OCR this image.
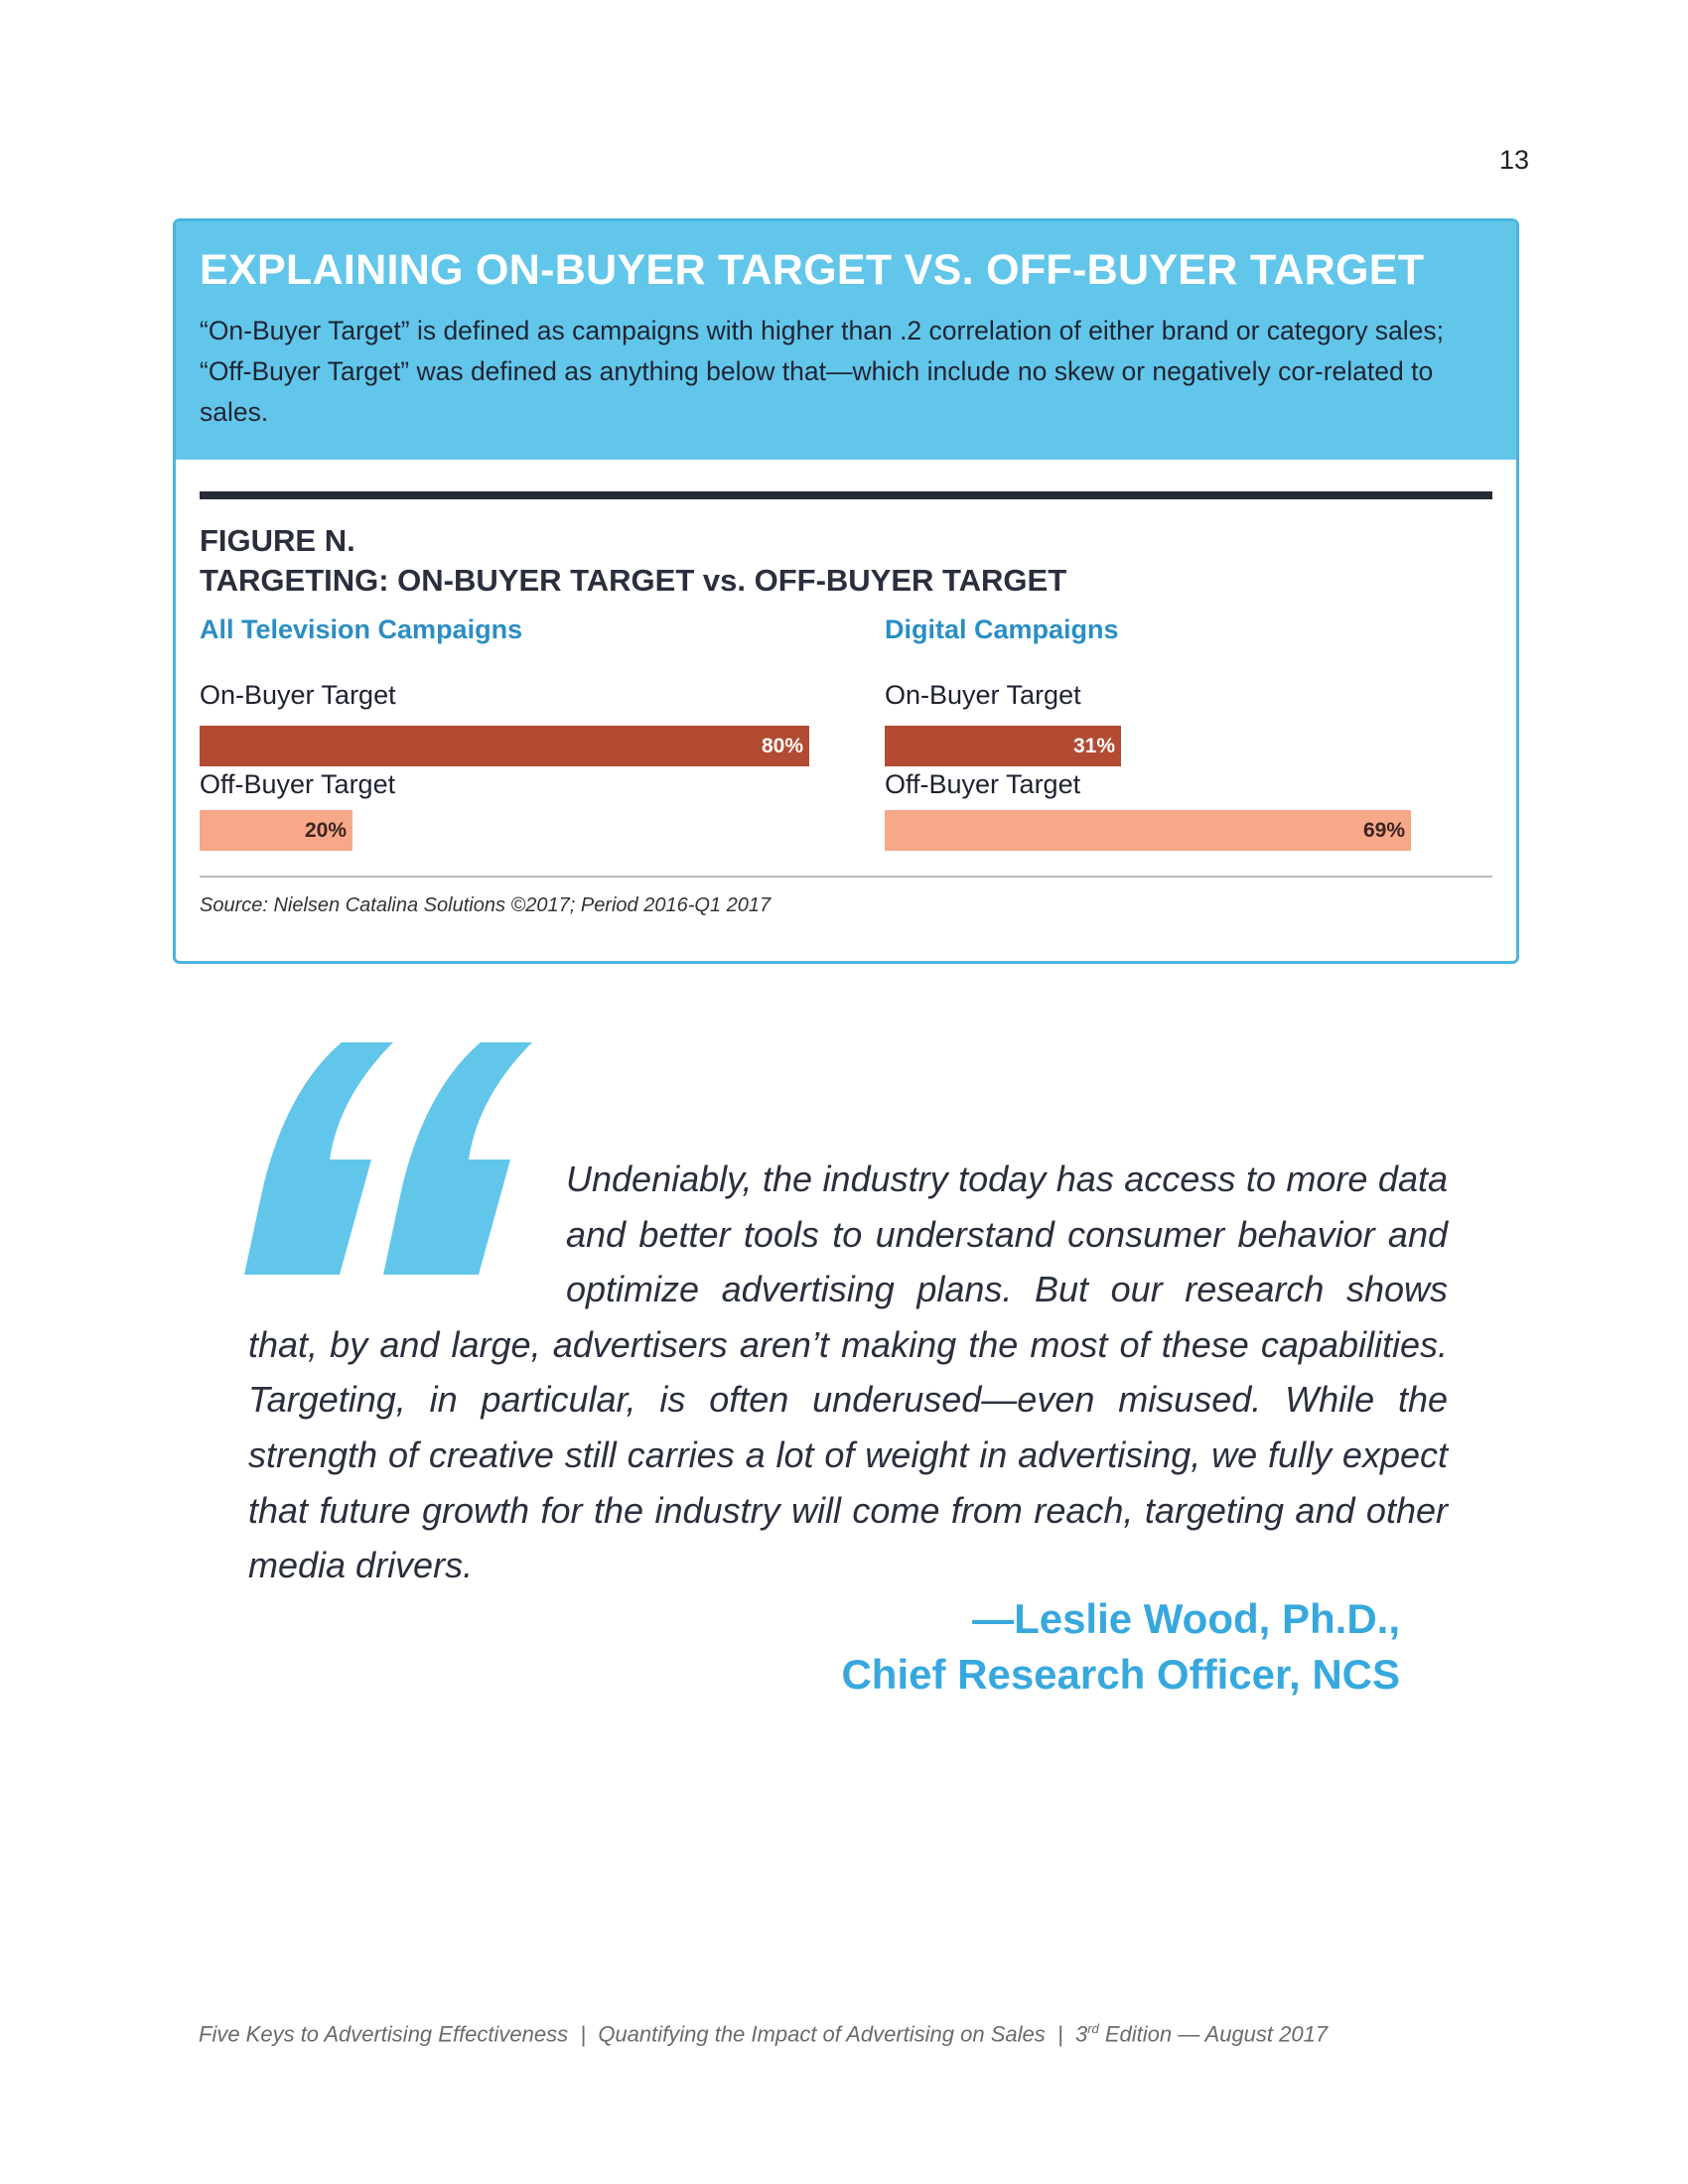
13
EXPLAINING ON-BUYER TARGET VS. OFF-BUYER TARGET

“On-Buyer Target” is defined as campaigns with higher than .2 correlation of either brand or category sales; “Off-Buyer Target” was defined as anything below that—which include no skew or negatively cor-related to sales.

FIGURE N.
TARGETING: ON-BUYER TARGET vs. OFF-BUYER TARGET
All Television Campaigns
On-Buyer Target
80%
Off-Buyer Target
20%
Digital Campaigns
On-Buyer Target
31%
Off-Buyer Target
69%
Source: Nielsen Catalina Solutions ©2017; Period 2016-Q1 2017
Undeniably, the industry today has access to more data and better tools to understand consumer behavior and optimize advertising plans. But our research shows that, by and large, advertisers aren’t making the most of these capabilities. Targeting, in particular, is often underused—even misused. While the strength of creative still carries a lot of weight in advertising, we fully expect that future growth for the industry will come from reach, targeting and other media drivers.
—Leslie Wood, Ph.D.,
Chief Research Officer, NCS
Five Keys to Advertising Effectiveness | Quantifying the Impact of Advertising on Sales | 3rd Edition — August 2017
